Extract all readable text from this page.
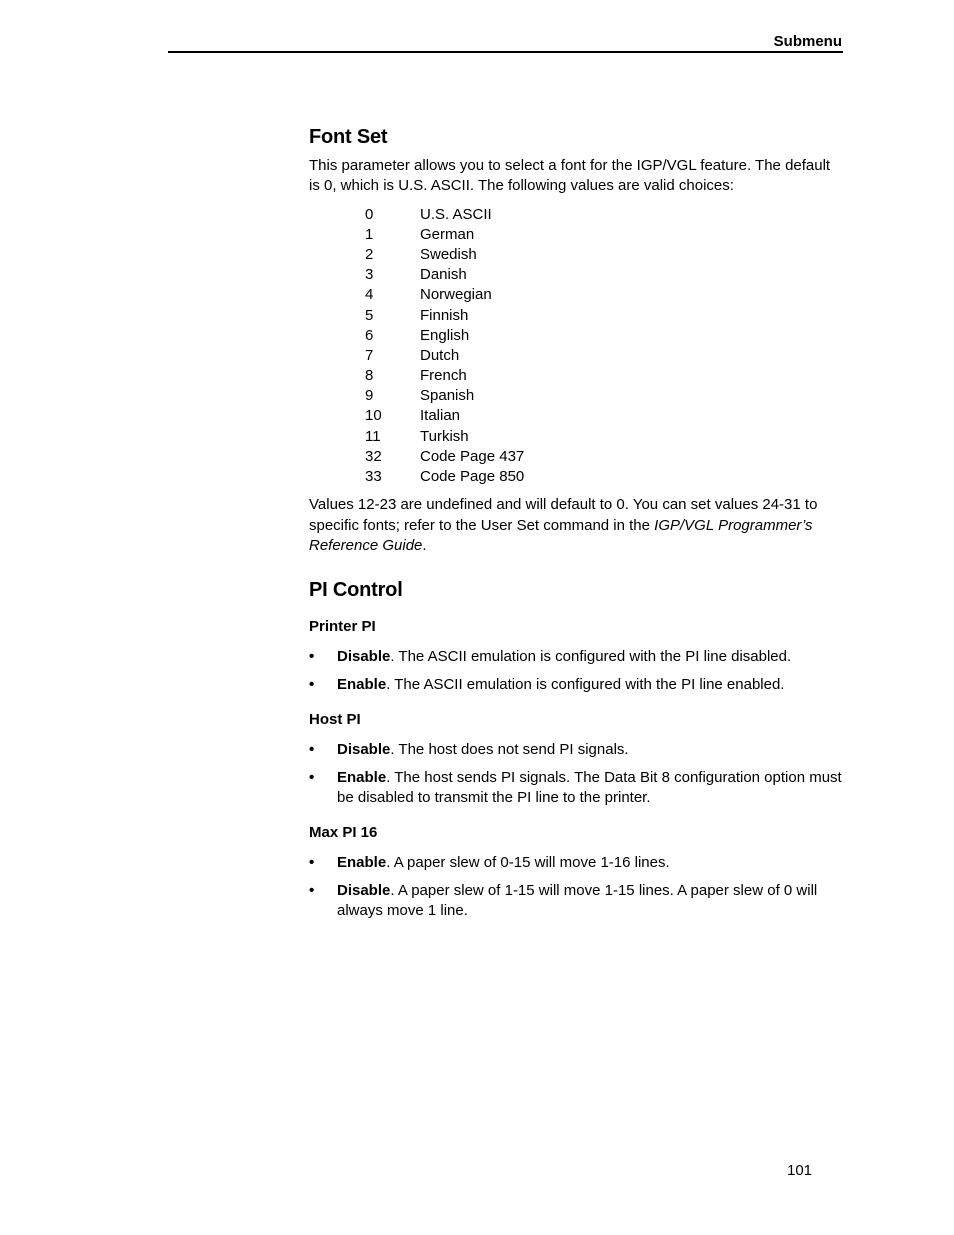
Submenu
Font Set

This parameter allows you to select a font for the IGP/VGL feature. The default is 0, which is U.S. ASCII. The following values are valid choices:

0	U.S. ASCII
1	German
2	Swedish
3	Danish
4	Norwegian
5	Finnish
6	English
7	Dutch
8	French
9	Spanish
10	Italian
11	Turkish
32	Code Page 437
33	Code Page 850

Values 12-23 are undefined and will default to 0. You can set values 24-31 to specific fonts; refer to the User Set command in the IGP/VGL Programmer’s Reference Guide.

PI Control
Printer PI
• Disable. The ASCII emulation is configured with the PI line disabled.
• Enable. The ASCII emulation is configured with the PI line enabled.
Host PI
• Disable. The host does not send PI signals.
• Enable. The host sends PI signals. The Data Bit 8 configuration option must be disabled to transmit the PI line to the printer.
Max PI 16
• Enable. A paper slew of 0-15 will move 1-16 lines.
• Disable. A paper slew of 1-15 will move 1-15 lines. A paper slew of 0 will always move 1 line.
101
